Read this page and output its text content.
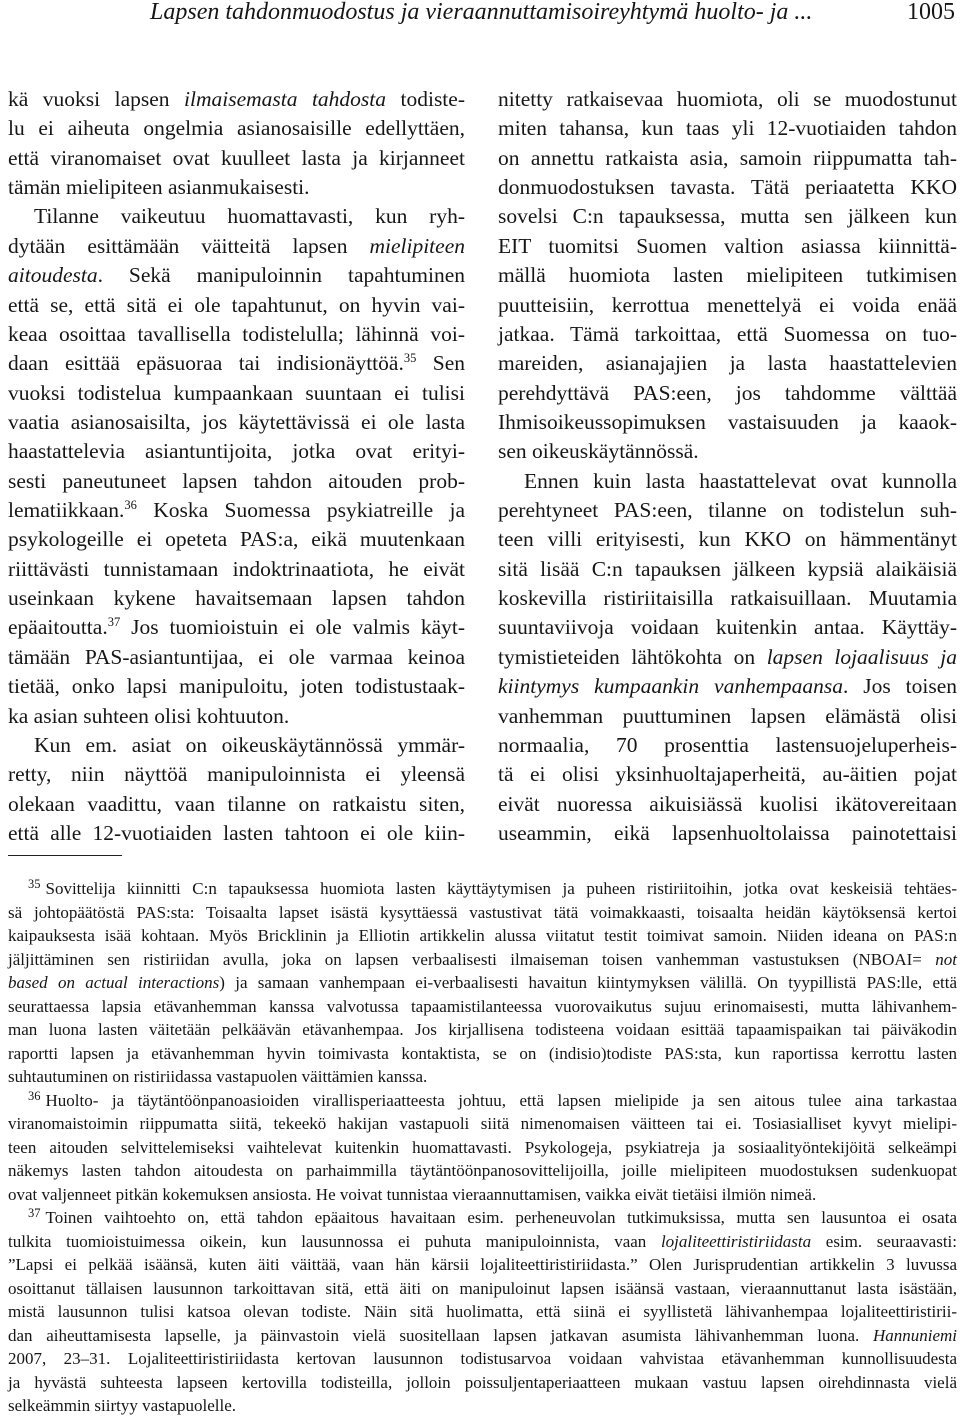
Lapsen tahdonmuodostus ja vieraannuttamisoireyhtymä huolto- ja ...	1005
kä vuoksi lapsen ilmaisemasta tahdosta todiste-
lu ei aiheuta ongelmia asianosaisille edellyttäen,
että viranomaiset ovat kuulleet lasta ja kirjanneet
tämän mielipiteen asianmukaisesti.
Tilanne vaikeutuu huomattavasti, kun ryh-
dytään esittämään väitteitä lapsen mielipiteen
aitoudesta. Sekä manipuloinnin tapahtuminen
että se, että sitä ei ole tapahtunut, on hyvin vai-
keaa osoittaa tavallisella todistelulla; lähinnä voi-
daan esittää epäsuoraa tai indisionäyttöä.$^{35}$ Sen
vuoksi todistelua kumpaankaan suuntaan ei tulisi
vaatia asianosaisilta, jos käytettävissä ei ole lasta
haastattelevia asiantuntijoita, jotka ovat erityi-
sesti paneutuneet lapsen tahdon aitouden prob-
lematiikkaan.$^{36}$ Koska Suomessa psykiatreille ja
psykologeille ei opeteta PAS:a, eikä muutenkaan
riittävästi tunnistamaan indoktrinaatiota, he eivät
useinkaan kykene havaitsemaan lapsen tahdon
epäaitoutta.$^{37}$ Jos tuomioistuin ei ole valmis käyt-
tämään PAS-asiantuntijaa, ei ole varmaa keinoa
tietää, onko lapsi manipuloitu, joten todistustaak-
ka asian suhteen olisi kohtuuton.
Kun em. asiat on oikeuskäytännössä ymmär-
retty, niin näyttöä manipuloinnista ei yleensä
olekaan vaadittu, vaan tilanne on ratkaistu siten,
että alle 12-vuotiaiden lasten tahtoon ei ole kiin-
nitetty ratkaisevaa huomiota, oli se muodostunut
miten tahansa, kun taas yli 12-vuotiaiden tahdon
on annettu ratkaista asia, samoin riippumatta tah-
donmuodostuksen tavasta. Tätä periaatetta KKO
sovelsi C:n tapauksessa, mutta sen jälkeen kun
EIT tuomitsi Suomen valtion asiassa kiinnittä-
mällä huomiota lasten mielipiteen tutkimisen
puutteisiin, kerrottua menettelyä ei voida enää
jatkaa. Tämä tarkoittaa, että Suomessa on tuo-
mareiden, asianajajien ja lasta haastattelevien
perehdyttävä PAS:een, jos tahdomme välttää
Ihmisoikeussopimuksen vastaisuuden ja kaaok-
sen oikeuskäytännössä.
Ennen kuin lasta haastattelevat ovat kunnolla
perehtyneet PAS:een, tilanne on todistelun suh-
teen villi erityisesti, kun KKO on hämmentänyt
sitä lisää C:n tapauksen jälkeen kypsiä alaikäisiä
koskevilla ristiriitaisilla ratkaisuillaan. Muutamia
suuntaviivoja voidaan kuitenkin antaa. Käyttäy-
tymistieteiden lähtökohta on lapsen lojaalisuus ja
kiintymys kumpaankin vanhempaansa. Jos toisen
vanhemman puuttuminen lapsen elämästä olisi
normaalia, 70 prosenttia lastensuojeluperheis-
tä ei olisi yksinhuoltajaperheitä, au-äitien pojat
eivät nuoressa aikuisiässä kuolisi ikätovereitaan
useammin, eikä lapsenhuoltolaissa painotettaisi
$^{35}$ Sovittelija kiinnitti C:n tapauksessa huomiota lasten käyttäytymisen ja puheen ristiriitoihin, jotka ovat keskeisiä tehtäes-
sä johtopäätöstä PAS:sta: Toisaalta lapset isästä kysyttäessä vastustivat tätä voimakkaasti, toisaalta heidän käytöksensä kertoi
kaipauksesta isää kohtaan. Myös Bricklinin ja Elliotin artikkelin alussa viitatut testit toimivat samoin. Niiden ideana on PAS:n
jäljittäminen sen ristiriidan avulla, joka on lapsen verbaalisesti ilmaiseman toisen vanhemman vastustuksen (NBOAI= not
based on actual interactions) ja samaan vanhempaan ei-verbaalisesti havaitun kiintymyksen välillä. On tyypillistä PAS:lle, että
seurattaessa lapsia etävanhemman kanssa valvotussa tapaamistilanteessa vuorovaikutus sujuu erinomaisesti, mutta lähivanhem-
man luona lasten väitetään pelkäävän etävanhempaa. Jos kirjallisena todisteena voidaan esittää tapaamispaikan tai päiväkodin
raportti lapsen ja etävanhemman hyvin toimivasta kontaktista, se on (indisio)todiste PAS:sta, kun raportissa kerrottu lasten
suhtautuminen on ristiriidassa vastapuolen väittämien kanssa.
$^{36}$ Huolto- ja täytäntöönpanoasioiden virallisperiaatteesta johtuu, että lapsen mielipide ja sen aitous tulee aina tarkastaa
viranomaistoimin riippumatta siitä, tekeekö hakijan vastapuoli siitä nimenomaisen väitteen tai ei. Tosiasialliset kyvyt mielipi-
teen aitouden selvittelemiseksi vaihtelevat kuitenkin huomattavasti. Psykologeja, psykiatreja ja sosiaalityöntekijöitä selkeämpi
näkemys lasten tahdon aitoudesta on parhaimmilla täytäntöönpanosovittelijoilla, joille mielipiteen muodostuksen sudenkuopat
ovat valjenneet pitkän kokemuksen ansiosta. He voivat tunnistaa vieraannuttamisen, vaikka eivät tietäisi ilmiön nimeä.
$^{37}$ Toinen vaihtoehto on, että tahdon epäaitous havaitaan esim. perheneuvolan tutkimuksissa, mutta sen lausuntoa ei osata
tulkita tuomioistuimessa oikein, kun lausunnossa ei puhuta manipuloinnista, vaan lojaliteettiristiriidasta esim. seuraavasti:
”Lapsi ei pelkää isäänsä, kuten äiti väittää, vaan hän kärsii lojaliteettiristiriidasta.” Olen Jurisprudentian artikkelin 3 luvussa
osoittanut tällaisen lausunnon tarkoittavan sitä, että äiti on manipuloinut lapsen isäänsä vastaan, vieraannuttanut lasta isästään,
mistä lausunnon tulisi katsoa olevan todiste. Näin sitä huolimatta, että siinä ei syyllistetä lähivanhempaa lojaliteettiristirii-
dan aiheuttamisesta lapselle, ja päinvastoin vielä suositellaan lapsen jatkavan asumista lähivanhemman luona. Hannuniemi
2007, 23–31. Lojaliteettiristiriidasta kertovan lausunnon todistusarvoa voidaan vahvistaa etävanhemman kunnollisuudesta
ja hyvästä suhteesta lapseen kertovilla todisteilla, jolloin poissuljentaperiaatteen mukaan vastuu lapsen oirehdinnasta vielä
selkeämmin siirtyy vastapuolelle.
